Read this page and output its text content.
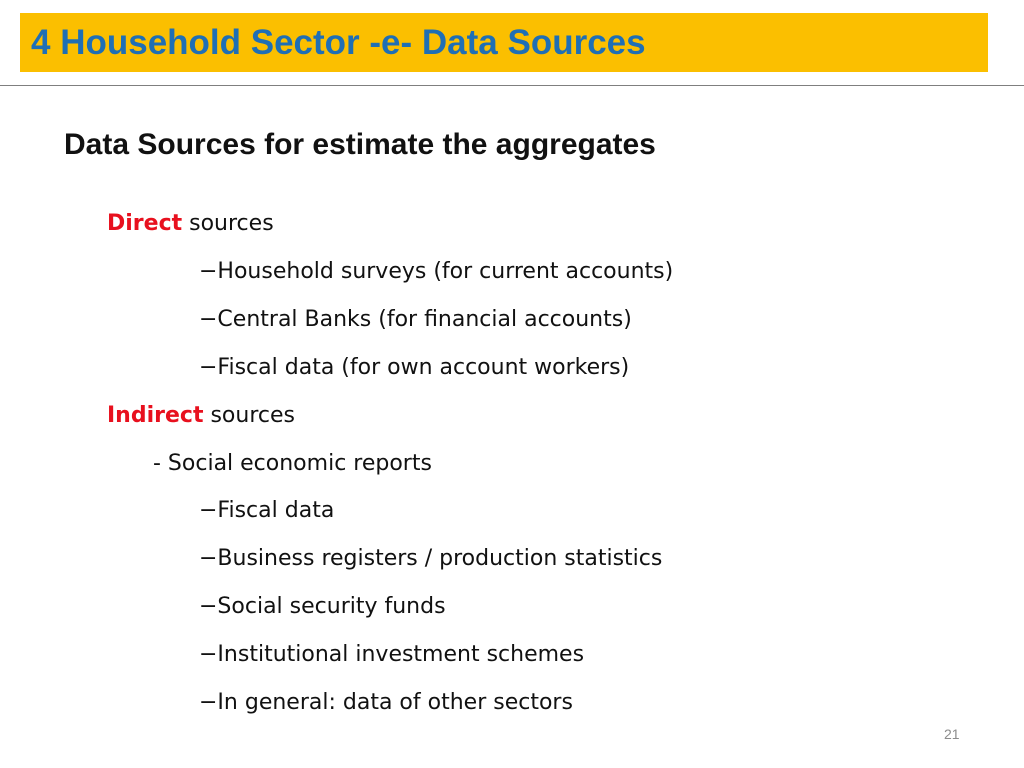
4 Household Sector -e- Data Sources
Data Sources for estimate the aggregates
Direct sources
−Household surveys (for current accounts)
−Central Banks (for financial accounts)
−Fiscal data (for own account workers)
Indirect sources
- Social economic reports
−Fiscal data
−Business registers / production statistics
−Social security funds
−Institutional investment schemes
−In general: data of other sectors
21
